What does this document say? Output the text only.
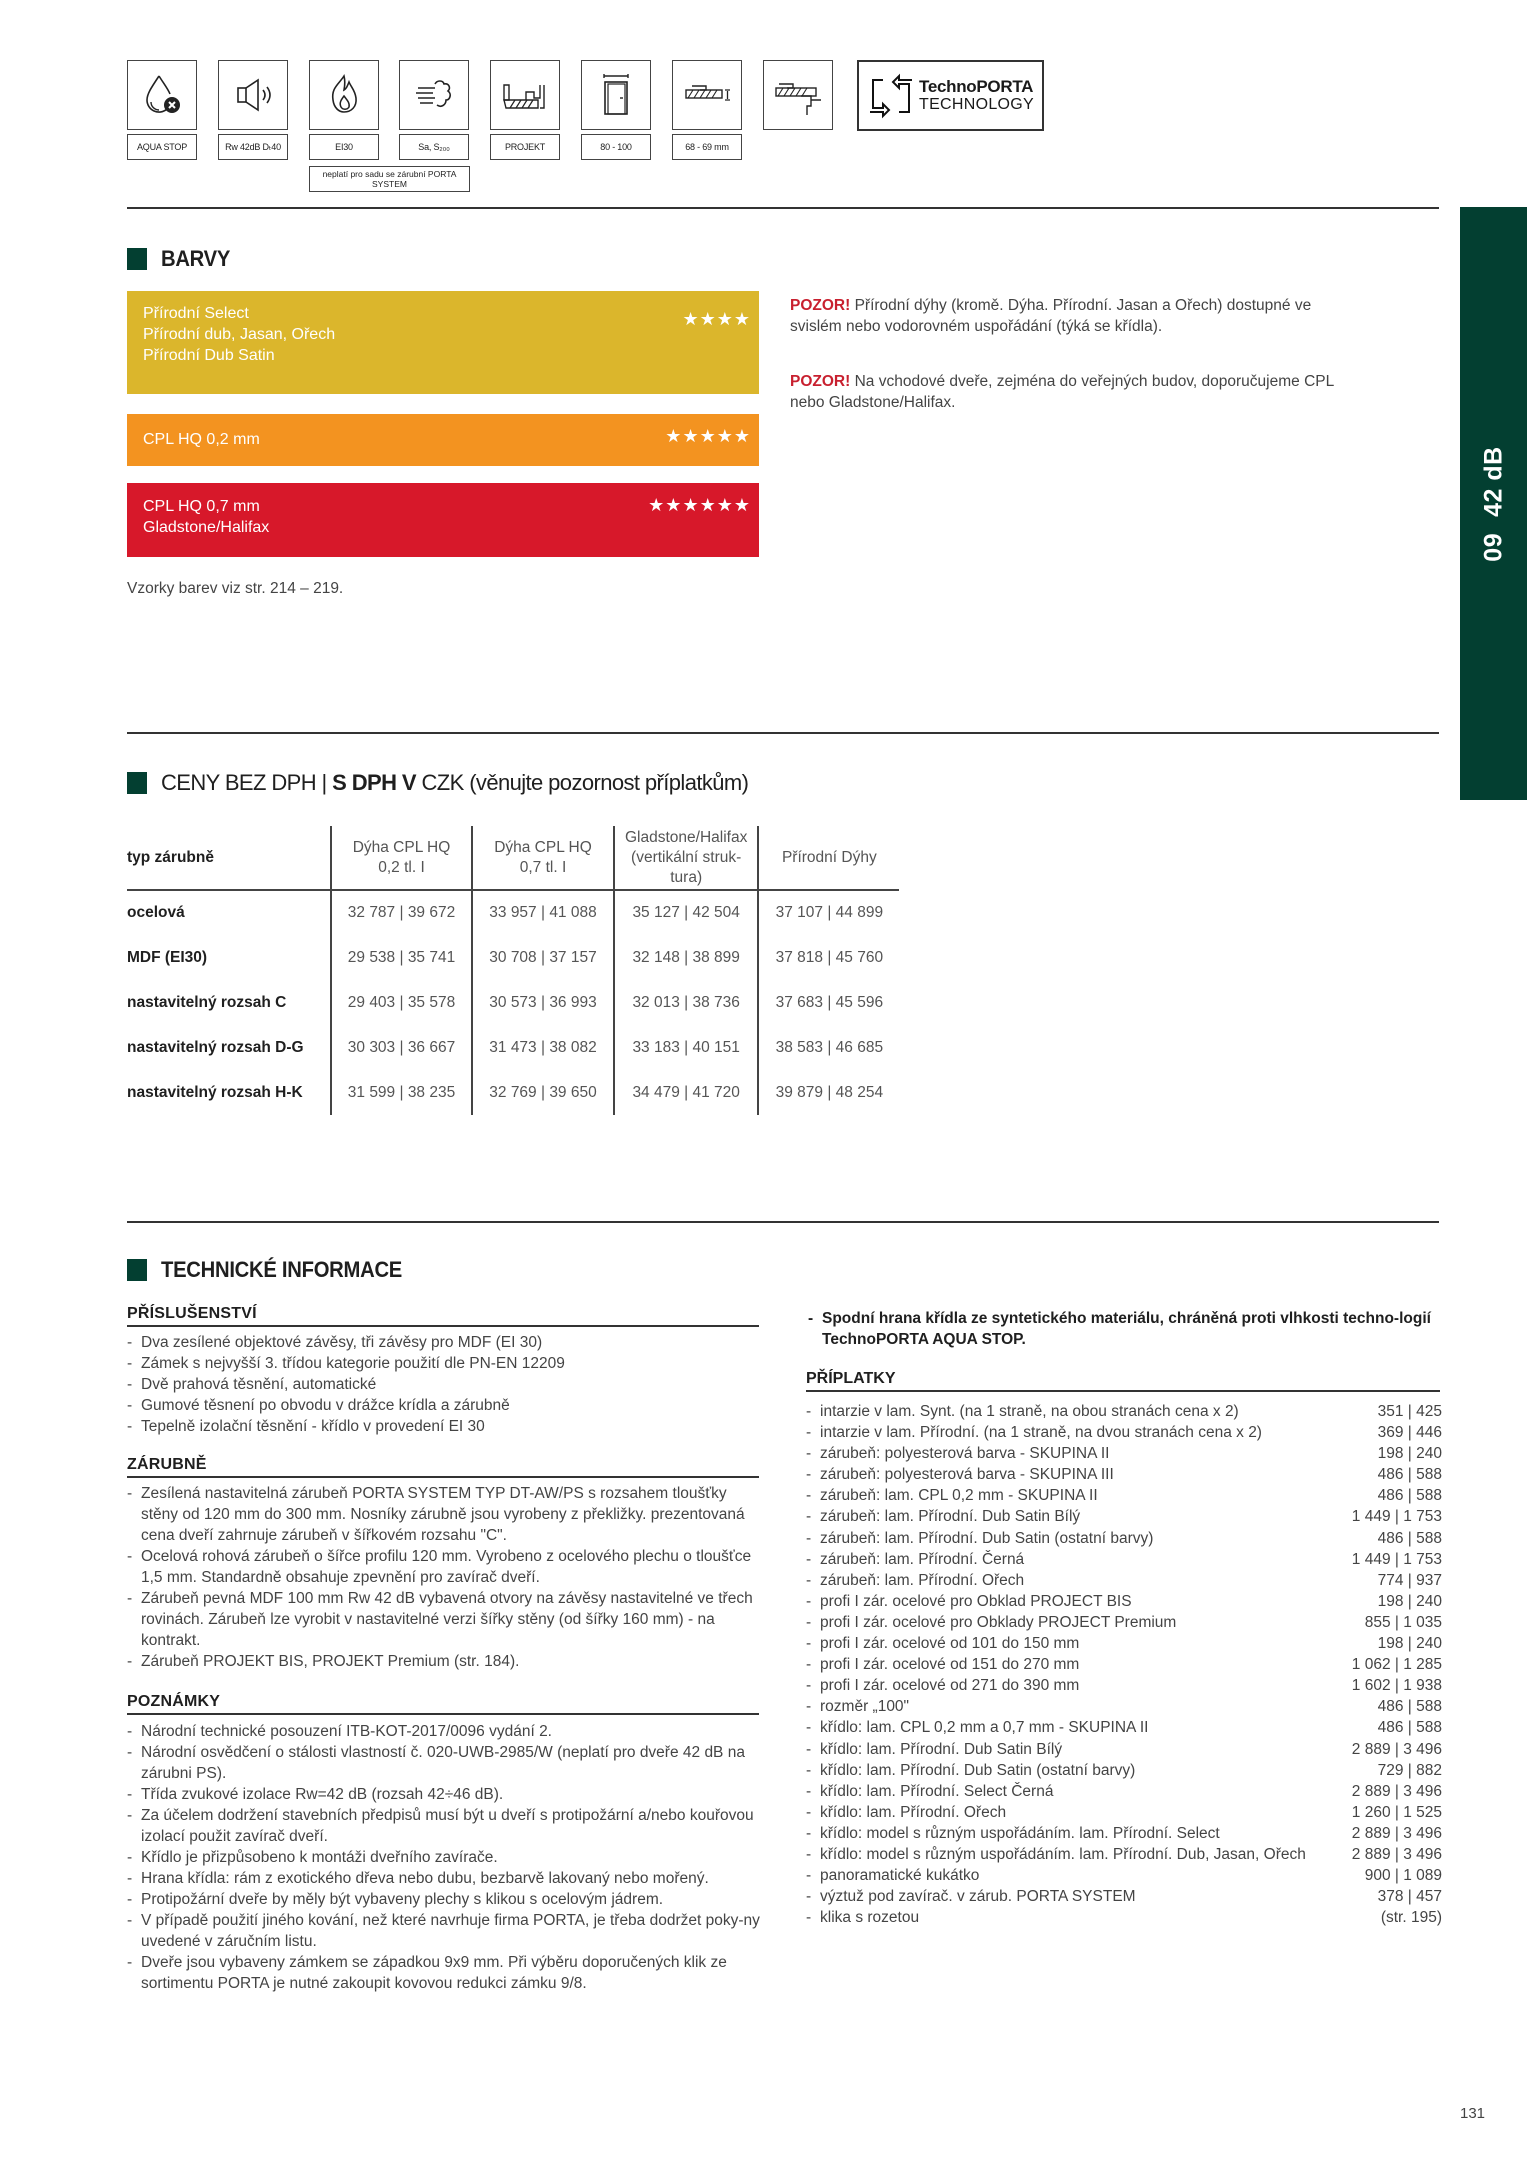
AQUA STOP	Rw 42dB Dₜ40	EI30	Sa, S₂₀₀	PROJEKT	80 - 100	68 - 69 mm
neplatí pro sadu se zárubní PORTA SYSTEM
TechnoPORTA
TECHNOLOGY
0942 dB
BARVY
Přírodní Select
Přírodní dub, Jasan, Ořech
Přírodní Dub Satin
★★★★
CPL HQ 0,2 mm	★★★★★
CPL HQ 0,7 mm
Gladstone/Halifax
★★★★★★
POZOR! Přírodní dýhy (kromě. Dýha. Přírodní. Jasan a Ořech) dostupné ve svislém nebo vodorovném uspořádání (týká se křídla).
POZOR! Na vchodové dveře, zejména do veřejných budov, doporučujeme CPL nebo Gladstone/Halifax.
Vzorky barev viz str. 214 – 219.
CENY BEZ DPH | S DPH V CZK (věnujte pozornost příplatkům)
typ zárubně	Dýha CPL HQ 0,2 tl. I	Dýha CPL HQ 0,7 tl. I	Gladstone/Halifax (vertikální struk-tura)	Přírodní Dýhy
ocelová	32 787 | 39 672	33 957 | 41 088	35 127 | 42 504	37 107 | 44 899
MDF (EI30)	29 538 | 35 741	30 708 | 37 157	32 148 | 38 899	37 818 | 45 760
nastavitelný rozsah C	29 403 | 35 578	30 573 | 36 993	32 013 | 38 736	37 683 | 45 596
nastavitelný rozsah D-G	30 303 | 36 667	31 473 | 38 082	33 183 | 40 151	38 583 | 46 685
nastavitelný rozsah H-K	31 599 | 38 235	32 769 | 39 650	34 479 | 41 720	39 879 | 48 254
TECHNICKÉ INFORMACE
PŘÍSLUŠENSTVÍ
- Dva zesílené objektové závěsy, tři závěsy pro MDF (EI 30)
- Zámek s nejvyšší 3. třídou kategorie použití dle PN-EN 12209
- Dvě prahová těsnění, automatické
- Gumové těsnení po obvodu v drážce krídla a zárubně
- Tepelně izolační těsnění - křídlo v provedení EI 30
ZÁRUBNĚ
- Zesílená nastavitelná zárubeň PORTA SYSTEM TYP DT-AW/PS s rozsahem tloušťky stěny od 120 mm do 300 mm. Nosníky zárubně jsou vyrobeny z překližky. prezentovaná cena dveří zahrnuje zárubeň v šířkovém rozsahu "C".
- Ocelová rohová zárubeň o šířce profilu 120 mm. Vyrobeno z ocelového plechu o tloušťce 1,5 mm. Standardně obsahuje zpevnění pro zavírač dveří.
- Zárubeň pevná MDF 100 mm Rw 42 dB vybavená otvory na závěsy nastavitelné ve třech rovinách. Zárubeň lze vyrobit v nastavitelné verzi šířky stěny (od šířky 160 mm) - na kontrakt.
- Zárubeň PROJEKT BIS, PROJEKT Premium (str. 184).
POZNÁMKY
- Národní technické posouzení ITB-KOT-2017/0096 vydání 2.
- Národní osvědčení o stálosti vlastností č. 020-UWB-2985/W (neplatí pro dveře 42 dB na zárubni PS).
- Třída zvukové izolace Rw=42 dB (rozsah 42÷46 dB).
- Za účelem dodržení stavebních předpisů musí být u dveří s protipožární a/nebo kouřovou izolací použit zavírač dveří.
- Křídlo je přizpůsobeno k montáži dveřního zavírače.
- Hrana křídla: rám z exotického dřeva nebo dubu, bezbarvě lakovaný nebo mořený.
- Protipožární dveře by měly být vybaveny plechy s klikou s ocelovým jádrem.
- V případě použití jiného kování, než které navrhuje firma PORTA, je třeba dodržet poky-ny uvedené v záručním listu.
- Dveře jsou vybaveny zámkem se západkou 9x9 mm. Při výběru doporučených klik ze sortimentu PORTA je nutné zakoupit kovovou redukci zámku 9/8.
- Spodní hrana křídla ze syntetického materiálu, chráněná proti vlhkosti techno-logií TechnoPORTA AQUA STOP.
PŘÍPLATKY
- intarzie v lam. Synt. (na 1 straně, na obou stranách cena x 2)	351 | 425
- intarzie v lam. Přírodní. (na 1 straně, na dvou stranách cena x 2)	369 | 446
- zárubeň: polyesterová barva - SKUPINA II	198 | 240
- zárubeň: polyesterová barva - SKUPINA III	486 | 588
- zárubeň: lam. CPL 0,2 mm - SKUPINA II	486 | 588
- zárubeň: lam. Přírodní. Dub Satin Bílý	1 449 | 1 753
- zárubeň: lam. Přírodní. Dub Satin (ostatní barvy)	486 | 588
- zárubeň: lam. Přírodní. Černá	1 449 | 1 753
- zárubeň: lam. Přírodní. Ořech	774 | 937
- profi I zár. ocelové pro Obklad PROJECT BIS	198 | 240
- profi I zár. ocelové pro Obklady PROJECT Premium	855 | 1 035
- profi I zár. ocelové od 101 do 150 mm	198 | 240
- profi I zár. ocelové od 151 do 270 mm	1 062 | 1 285
- profi I zár. ocelové od 271 do 390 mm	1 602 | 1 938
- rozměr „100"	486 | 588
- křídlo: lam. CPL 0,2 mm a 0,7 mm - SKUPINA II	486 | 588
- křídlo: lam. Přírodní. Dub Satin Bílý	2 889 | 3 496
- křídlo: lam. Přírodní. Dub Satin (ostatní barvy)	729 | 882
- křídlo: lam. Přírodní. Select Černá	2 889 | 3 496
- křídlo: lam. Přírodní. Ořech	1 260 | 1 525
- křídlo: model s různým uspořádáním. lam. Přírodní. Select	2 889 | 3 496
- křídlo: model s různým uspořádáním. lam. Přírodní. Dub, Jasan, Ořech	2 889 | 3 496
- panoramatické kukátko	900 | 1 089
- výztuž pod zavírač. v zárub. PORTA SYSTEM	378 | 457
- klika s rozetou	(str. 195)
131
